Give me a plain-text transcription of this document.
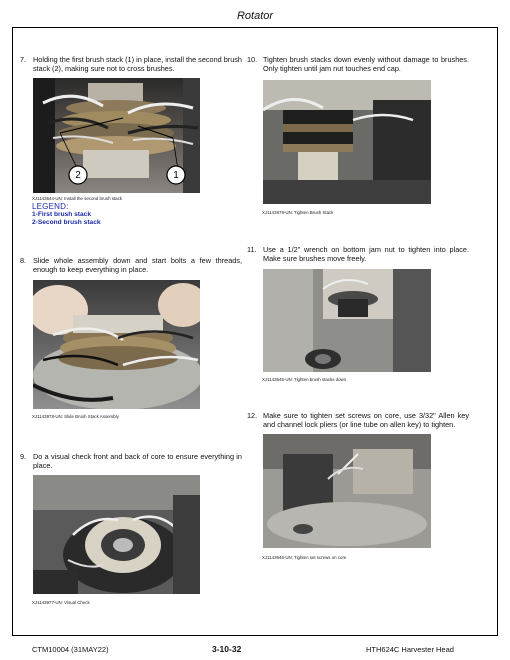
Rotator
7. Holding the first brush stack (1) in place, install the second brush stack (2), making sure not to cross brushes.
2	1
XJ1143644-UN: Install the second brush stack
LEGEND:
1-First brush stack
2-Second brush stack
8. Slide whole assembly down and start bolts a few threads, enough to keep everything in place.
XJ1143978-UN: Slide Brush Stack Assembly
9. Do a visual check front and back of core to ensure everything in place.
XJ1143977-UN: Visual Check
10. Tighten brush stacks down evenly without damage to brushes. Only tighten until jam nut touches end cap.
XJ1143979-UN: Tighten Brush Stack
11. Use a 1/2" wrench on bottom jam nut to tighten into place. Make sure brushes move freely.
XJ1143645-UN: Tighten brush stacks down
12. Make sure to tighten set screws on core, use 3/32" Allen key and channel lock pliers (or line tube on allen key) to tighten.
XJ1143646-UN: Tighten set screws on core
CTM10004 (31MAY22)	3-10-32	HTH624C Harvester Head
